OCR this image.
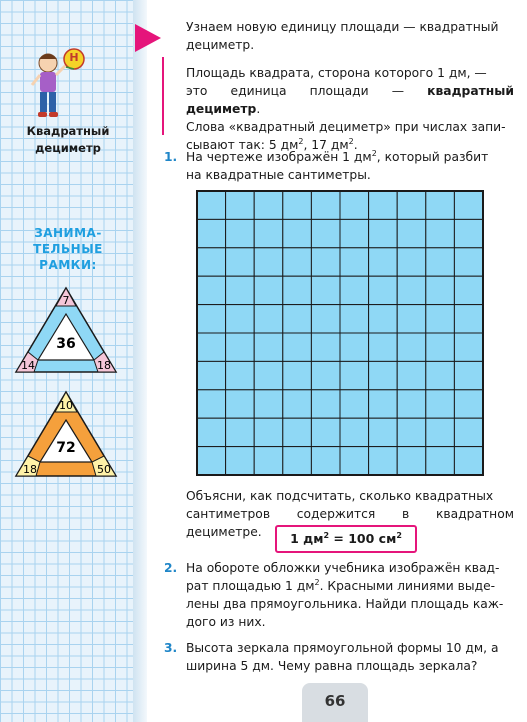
Н
Квадратный
дециметр
ЗАНИМА-
ТЕЛЬНЫЕ
РАМКИ:
7
36
14	18
10
72
18	50
Узнаем новую единицу площади — квадратный
дециметр.
Площадь квадрата, сторона которого 1 дм, —
это единица площади — квадратный дециметр.
Слова «квадратный дециметр» при числах запи-
сывают так: 5 $дм^2$, 17 $дм^2$.
1. На чертеже изображён 1 $дм^2$, который разбит
на квадратные сантиметры.
Объясни, как подсчитать, сколько квадратных
сантиметров содержится в квадратном дециметре.	1 $дм^2 = 100$ $см^2$
2. На обороте обложки учебника изображён квад-
рат площадью 1 $дм^2$. Красными линиями выде-
лены два прямоугольника. Найди площадь каж-
дого из них.
3. Высота зеркала прямоугольной формы 10 дм, а
ширина 5 дм. Чему равна площадь зеркала?
66
